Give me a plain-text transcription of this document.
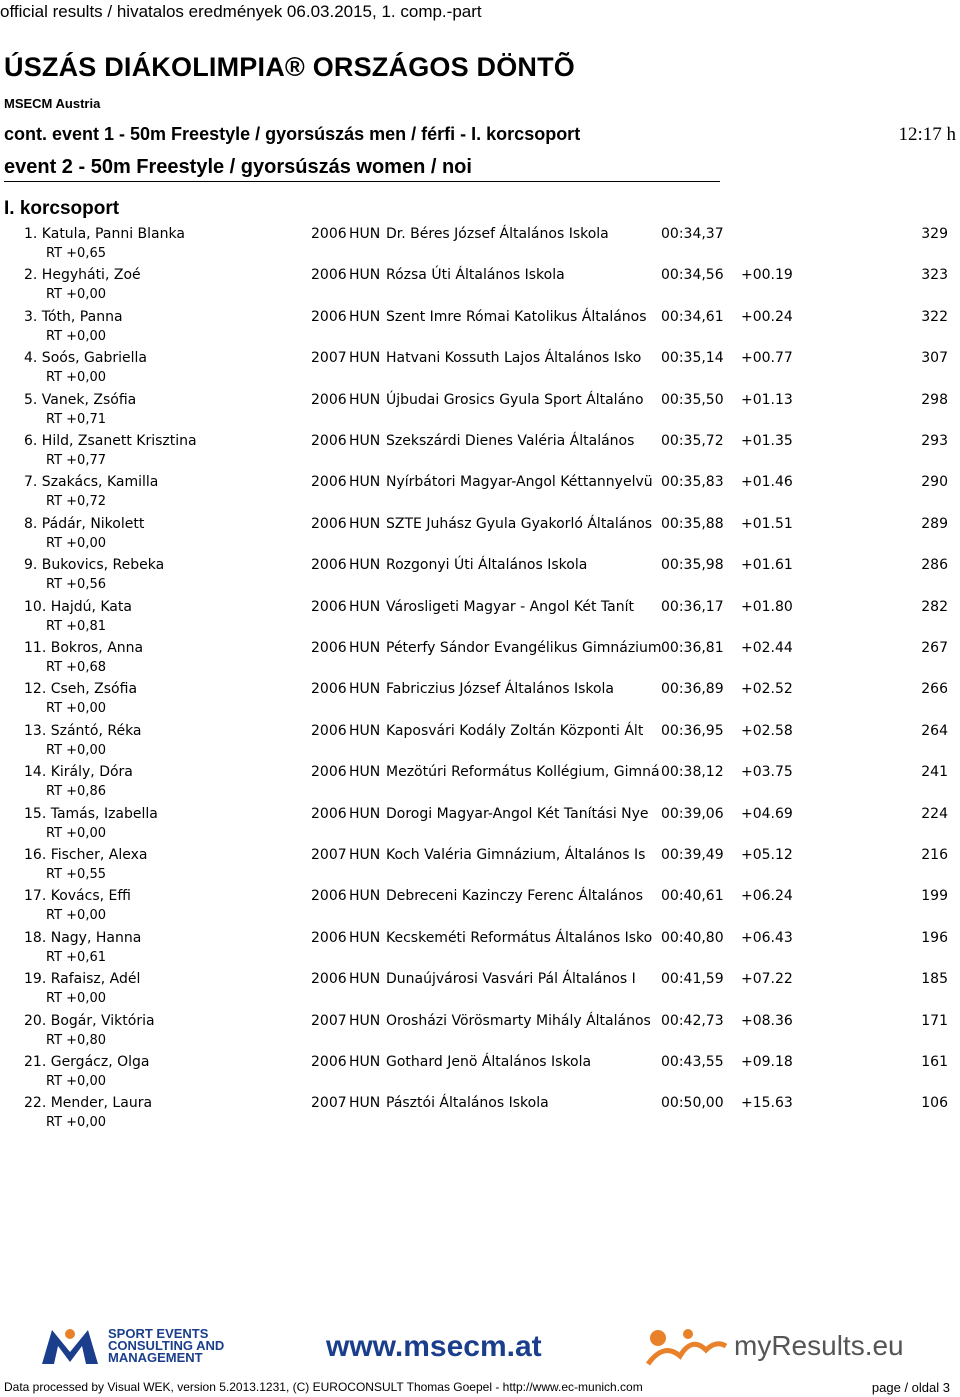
official results / hivatalos eredmények 06.03.2015, 1. comp.-part
ÚSZÁS DIÁKOLIMPIA® ORSZÁGOS DÖNTÕ
MSECM Austria
cont. event 1 - 50m Freestyle / gyorsúszás men / férfi - I. korcsoport	12:17 h
event 2 - 50m Freestyle / gyorsúszás women / noi
I. korcsoport
1. Katula, Panni Blanka	2006 HUN Dr. Béres József Általános Iskola	00:34,37	329
RT +0,65
2. Hegyháti, Zoé	2006 HUN Rózsa Úti Általános Iskola	00:34,56 +00.19	323
RT +0,00
3. Tóth, Panna	2006 HUN Szent Imre Római Katolikus Általános 00:34,61 +00.24	322
RT +0,00
4. Soós, Gabriella	2007 HUN Hatvani Kossuth Lajos Általános Isko 00:35,14 +00.77	307
RT +0,00
5. Vanek, Zsófia	2006 HUN Újbudai Grosics Gyula Sport Általáno 00:35,50 +01.13	298
RT +0,71
6. Hild, Zsanett Krisztina	2006 HUN Szekszárdi Dienes Valéria Általános 00:35,72 +01.35	293
RT +0,77
7. Szakács, Kamilla	2006 HUN Nyírbátori Magyar-Angol Kéttannyelvü 00:35,83 +01.46	290
RT +0,72
8. Pádár, Nikolett	2006 HUN SZTE Juhász Gyula Gyakorló Általános 00:35,88 +01.51	289
RT +0,00
9. Bukovics, Rebeka	2006 HUN Rozgonyi Úti Általános Iskola	00:35,98 +01.61	286
RT +0,56
10. Hajdú, Kata	2006 HUN Városligeti Magyar - Angol Két Tanít 00:36,17 +01.80	282
RT +0,81
11. Bokros, Anna	2006 HUN Péterfy Sándor Evangélikus Gimnázium 00:36,81 +02.44	267
RT +0,68
12. Cseh, Zsófia	2006 HUN Fabriczius József Általános Iskola	00:36,89 +02.52	266
RT +0,00
13. Szántó, Réka	2006 HUN Kaposvári Kodály Zoltán Központi Ált 00:36,95 +02.58	264
RT +0,00
14. Király, Dóra	2006 HUN Mezötúri Református Kollégium, Gimná 00:38,12 +03.75	241
RT +0,86
15. Tamás, Izabella	2006 HUN Dorogi Magyar-Angol Két Tanítási Nye 00:39,06 +04.69	224
RT +0,00
16. Fischer, Alexa	2007 HUN Koch Valéria Gimnázium, Általános Is 00:39,49 +05.12	216
RT +0,55
17. Kovács, Effi	2006 HUN Debreceni Kazinczy Ferenc Általános 00:40,61 +06.24	199
RT +0,00
18. Nagy, Hanna	2006 HUN Kecskeméti Református Általános Isko 00:40,80 +06.43	196
RT +0,61
19. Rafaisz, Adél	2006 HUN Dunaújvárosi Vasvári Pál Általános I 00:41,59 +07.22	185
RT +0,00
20. Bogár, Viktória	2007 HUN Orosházi Vörösmarty Mihály Általános 00:42,73 +08.36	171
RT +0,80
21. Gergácz, Olga	2006 HUN Gothard Jenö Általános Iskola	00:43,55 +09.18	161
RT +0,00
22. Mender, Laura	2007 HUN Pásztói Általános Iskola	00:50,00 +15.63	106
RT +0,00
SPORT EVENTS
CONSULTING AND
MANAGEMENT	www.msecm.at	myResults.eu
Data processed by Visual WEK, version 5.2013.1231, (C) EUROCONSULT Thomas Goepel - http://www.ec-munich.com	page / oldal 3
